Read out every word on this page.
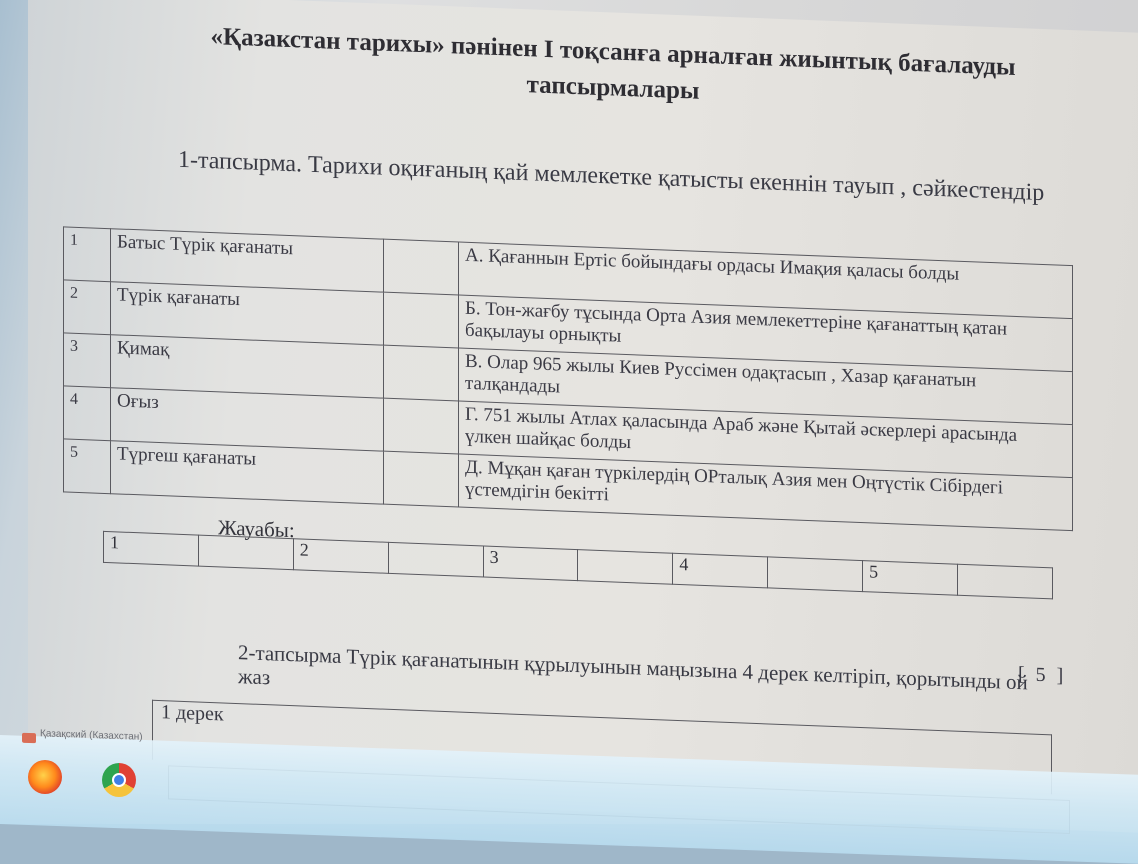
«Қазакстан тарихы» пәнінен І тоқсанға арналған жиынтық бағалауды
тапсырмалары
1-тапсырма. Тарихи оқиғаның қай мемлекетке қатысты екеннін тауып , сәйкестендір
1	Батыс Түрік қағанаты		А. Қағаннын Ертіс бойындағы ордасы Имақия қаласы болды
2	Түрік қағанаты		Б. Тон-жағбу тұсында Орта Азия мемлекеттеріне қағанаттың қатан бақылауы орнықты
3	Қимақ		В. Олар 965 жылы Киев Руссімен одақтасып , Хазар қағанатын талқандады
4	Оғыз		Г. 751 жылы Атлах қаласында Араб және Қытай әскерлері арасында үлкен шайқас болды
5	Түргеш қағанаты		Д. Мұқан қаған түркілердің ОРталық Азия мен Оңтүстік Сібірдегі үстемдігін бекітті
Жауабы:
1		2		3		4		5	
[ 5 ]
2-тапсырма Түрік қағанатынын құрылуынын маңызына 4 дерек келтіріп, қорытынды ой жаз
1 дерек
Қазақский (Казахстан)
